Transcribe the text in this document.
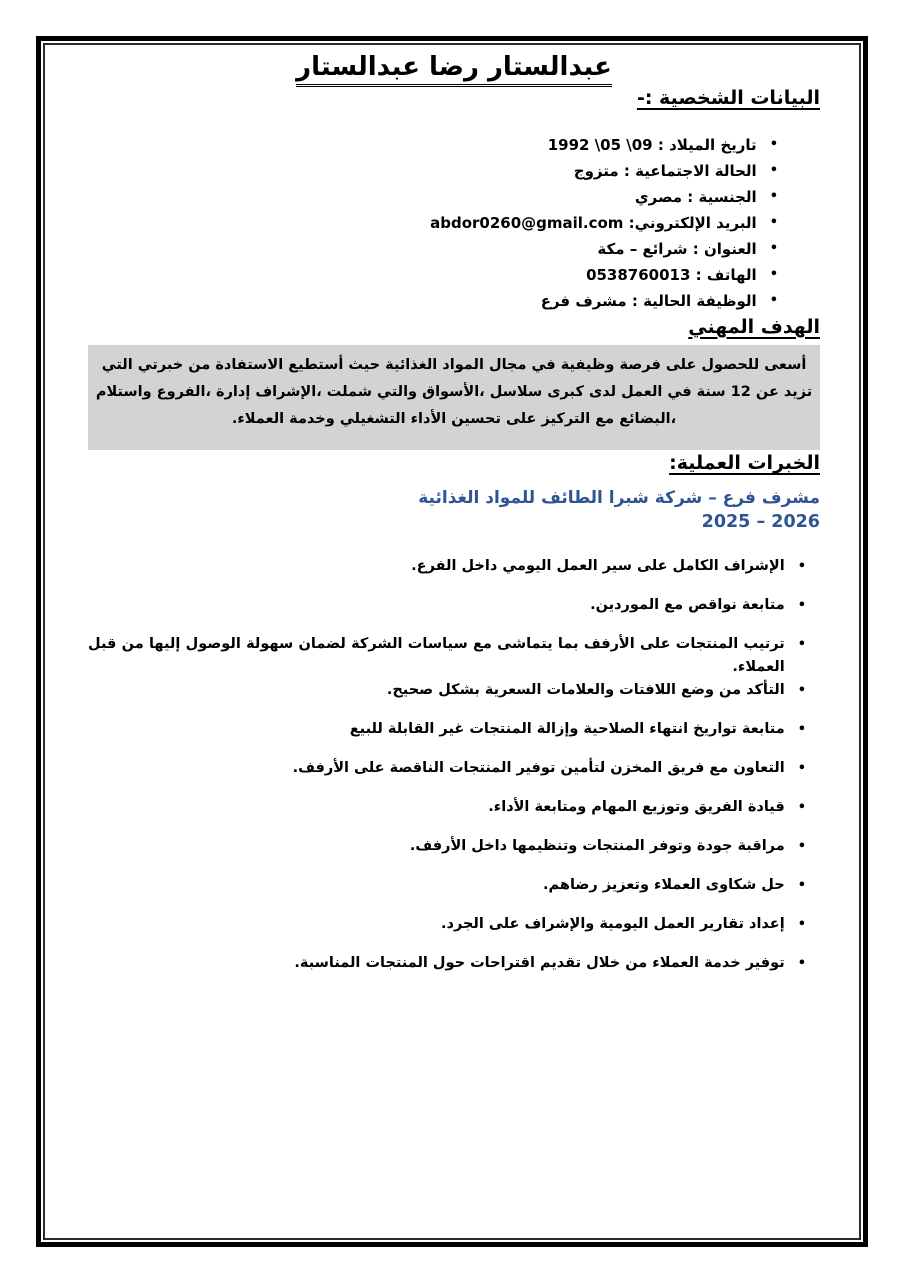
عبدالستار رضا عبدالستار
البيانات الشخصية :-
•
تاريخ الميلاد : 09\ 05\ 1992
•
الحالة الاجتماعية : متزوج
•
الجنسية : مصري
•
البريد الإلكتروني: abdor0260@gmail.com
•
العنوان : شرائع – مكة
•
الهاتف : 0538760013
•
الوظيفة الحالية : مشرف فرع
الهدف المهني
أسعى للحصول على فرصة وظيفية في مجال المواد الغذائية حيث أستطيع الاستفادة من خبرتي التي تزيد عن 12 سنة في العمل لدى كبرى سلاسل ،الأسواق والتي شملت ،الإشراف إدارة ،الفروع واستلام ،البضائع مع التركيز على تحسين الأداء التشغيلي وخدمة العملاء.
الخبرات العملية:
مشرف فرع – شركة شبرا الطائف للمواد الغذائية
2025 – 2026
•
الإشراف الكامل على سير العمل اليومي داخل الفرع.
•
متابعة نواقص مع الموردين.
•
ترتيب المنتجات على الأرفف بما يتماشى مع سياسات الشركة لضمان سهولة الوصول إليها من قبل العملاء.
•
التأكد من وضع اللافتات والعلامات السعرية بشكل صحيح.
•
متابعة تواريخ انتهاء الصلاحية وإزالة المنتجات غير القابلة للبيع
•
التعاون مع فريق المخزن لتأمين توفير المنتجات الناقصة على الأرفف.
•
قيادة الفريق وتوزيع المهام ومتابعة الأداء.
•
مراقبة جودة وتوفر المنتجات وتنظيمها داخل الأرفف.
•
حل شكاوى العملاء وتعزيز رضاهم.
•
إعداد تقارير العمل اليومية والإشراف على الجرد.
•
توفير خدمة العملاء من خلال تقديم اقتراحات حول المنتجات المناسبة.
